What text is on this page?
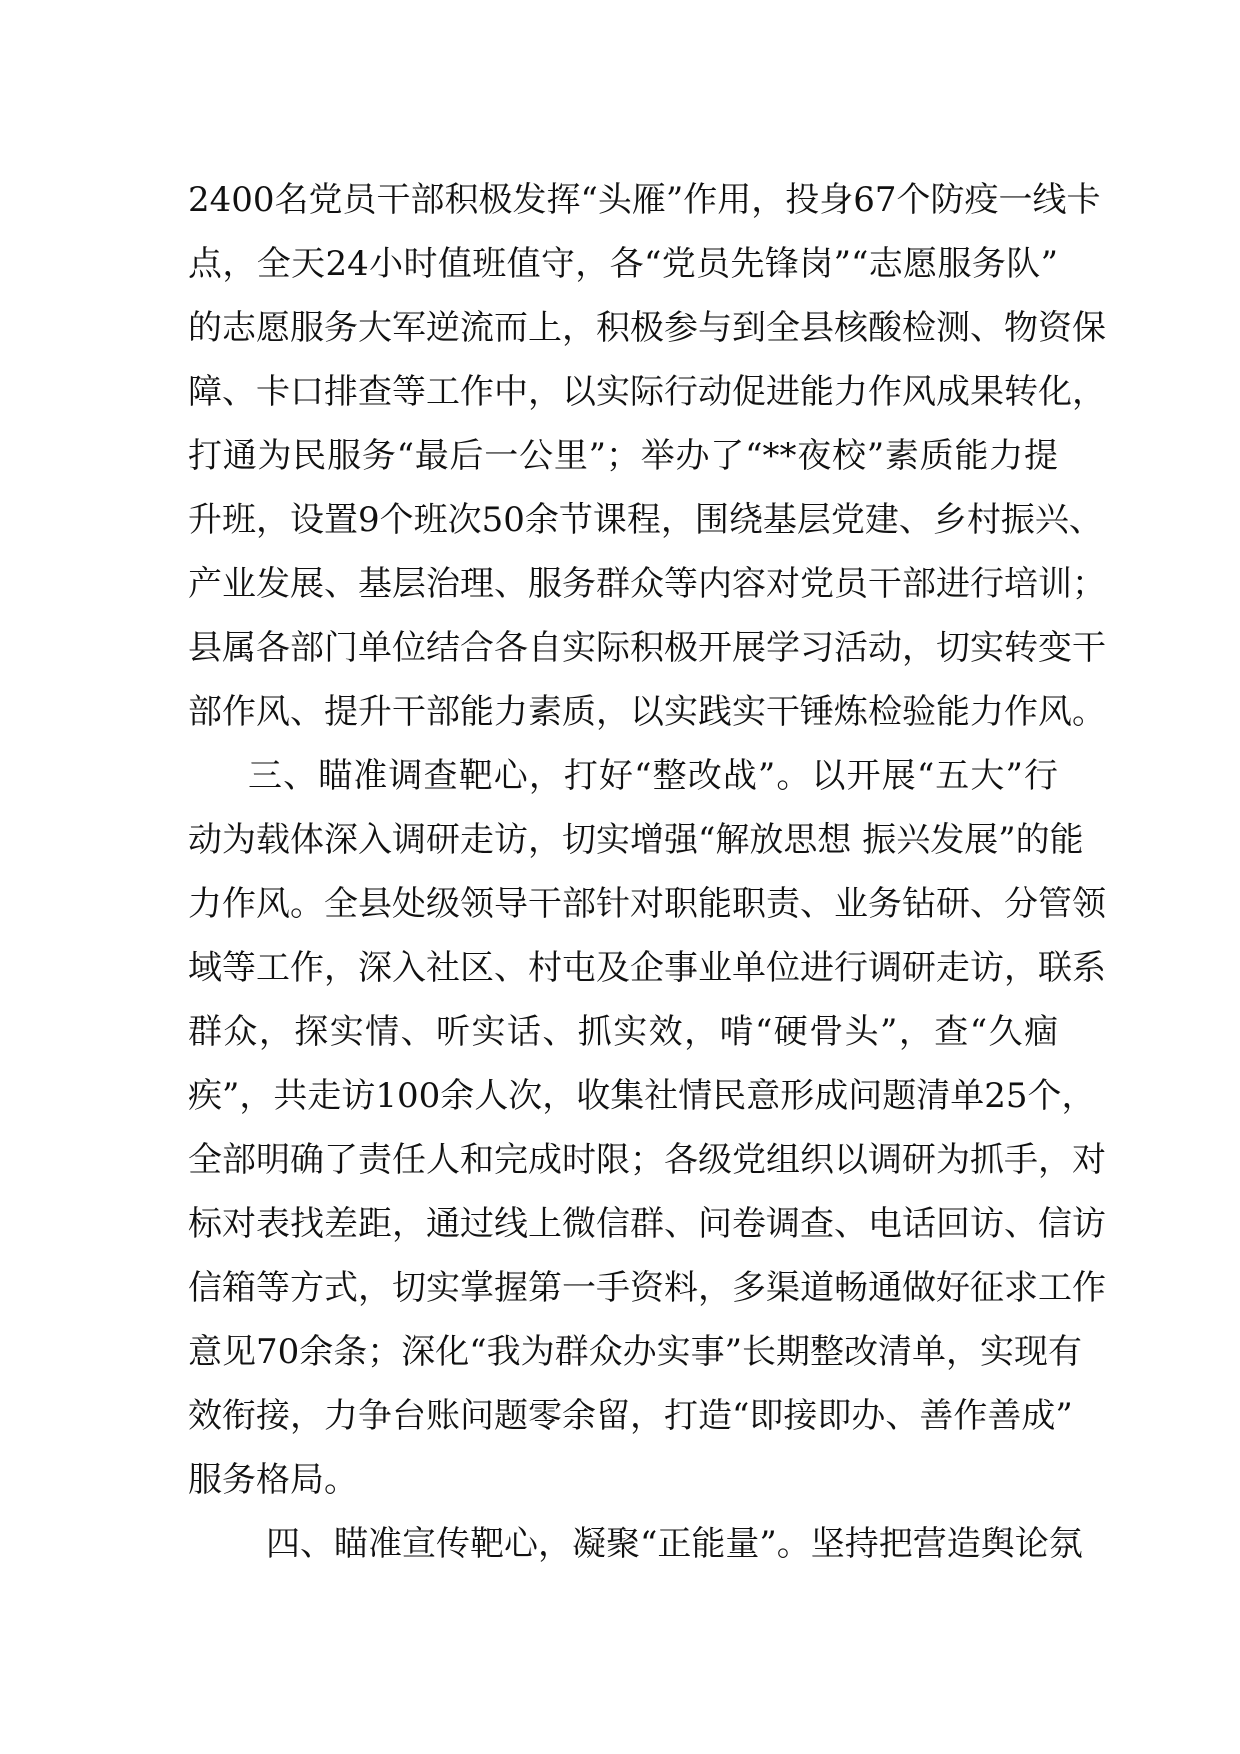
2400名党员干部积极发挥“头雁”作用，投身67个防疫一线卡
点，全天24小时值班值守，各“党员先锋岗”“志愿服务队”
的志愿服务大军逆流而上，积极参与到全县核酸检测、物资保
障、卡口排查等工作中，以实际行动促进能力作风成果转化，
打通为民服务“最后一公里”；举办了“**夜校”素质能力提
升班，设置9个班次50余节课程，围绕基层党建、乡村振兴、
产业发展、基层治理、服务群众等内容对党员干部进行培训；
县属各部门单位结合各自实际积极开展学习活动，切实转变干
部作风、提升干部能力素质，以实践实干锤炼检验能力作风。
三、瞄准调查靶心，打好“整改战”。以开展“五大”行
动为载体深入调研走访，切实增强“解放思想 振兴发展”的能
力作风。全县处级领导干部针对职能职责、业务钻研、分管领
域等工作，深入社区、村屯及企事业单位进行调研走访，联系
群众，探实情、听实话、抓实效，啃“硬骨头”，查“久痼
疾”，共走访100余人次，收集社情民意形成问题清单25个，
全部明确了责任人和完成时限；各级党组织以调研为抓手，对
标对表找差距，通过线上微信群、问卷调查、电话回访、信访
信箱等方式，切实掌握第一手资料，多渠道畅通做好征求工作
意见70余条；深化“我为群众办实事”长期整改清单，实现有
效衔接，力争台账问题零余留，打造“即接即办、善作善成”
服务格局。
四、瞄准宣传靶心，凝聚“正能量”。坚持把营造舆论氛
